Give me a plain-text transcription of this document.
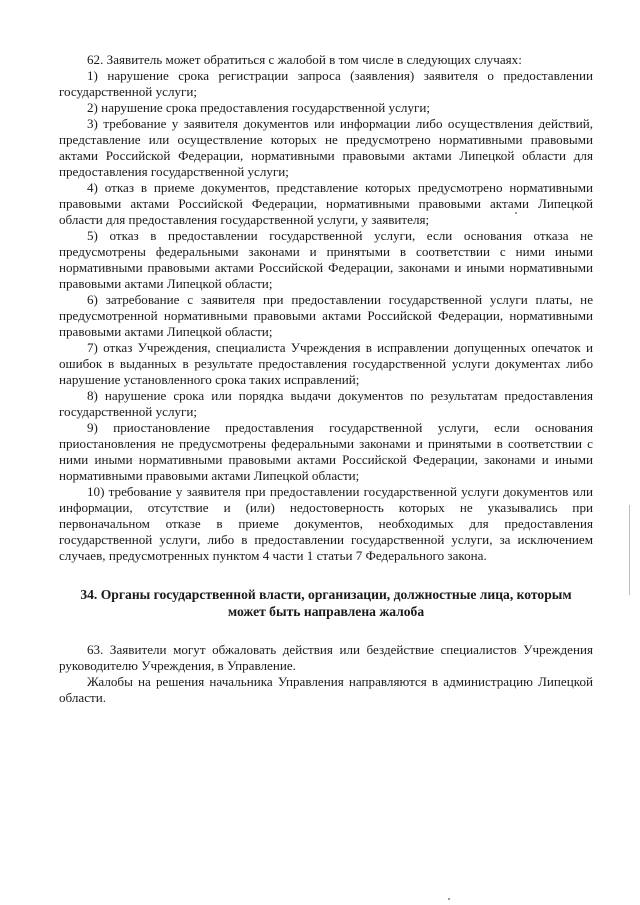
62. Заявитель может обратиться с жалобой в том числе в следующих случаях:

1) нарушение срока регистрации запроса (заявления) заявителя о предоставлении государственной услуги;

2) нарушение срока предоставления государственной услуги;

3) требование у заявителя документов или информации либо осуществления действий, представление или осуществление которых не предусмотрено нормативными правовыми актами Российской Федерации, нормативными правовыми актами Липецкой области для предоставления государственной услуги;

4) отказ в приеме документов, представление которых предусмотрено нормативными правовыми актами Российской Федерации, нормативными правовыми актами Липецкой области для предоставления государственной услуги, у заявителя;

5) отказ в предоставлении государственной услуги, если основания отказа не предусмотрены федеральными законами и принятыми в соответствии с ними иными нормативными правовыми актами Российской Федерации, законами и иными нормативными правовыми актами Липецкой области;

6) затребование с заявителя при предоставлении государственной услуги платы, не предусмотренной нормативными правовыми актами Российской Федерации, нормативными правовыми актами Липецкой области;

7) отказ Учреждения, специалиста Учреждения в исправлении допущенных опечаток и ошибок в выданных в результате предоставления государственной услуги документах либо нарушение установленного срока таких исправлений;

8) нарушение срока или порядка выдачи документов по результатам предоставления государственной услуги;

9) приостановление предоставления государственной услуги, если основания приостановления не предусмотрены федеральными законами и принятыми в соответствии с ними иными нормативными правовыми актами Российской Федерации, законами и иными нормативными правовыми актами Липецкой области;

10) требование у заявителя при предоставлении государственной услуги документов или информации, отсутствие и (или) недостоверность которых не указывались при первоначальном отказе в приеме документов, необходимых для предоставления государственной услуги, либо в предоставлении государственной услуги, за исключением случаев, предусмотренных пунктом 4 части 1 статьи 7 Федерального закона.

34. Органы государственной власти, организации, должностные лица, которым может быть направлена жалоба

63. Заявители могут обжаловать действия или бездействие специалистов Учреждения руководителю Учреждения, в Управление.

Жалобы на решения начальника Управления направляются в администрацию Липецкой области.
